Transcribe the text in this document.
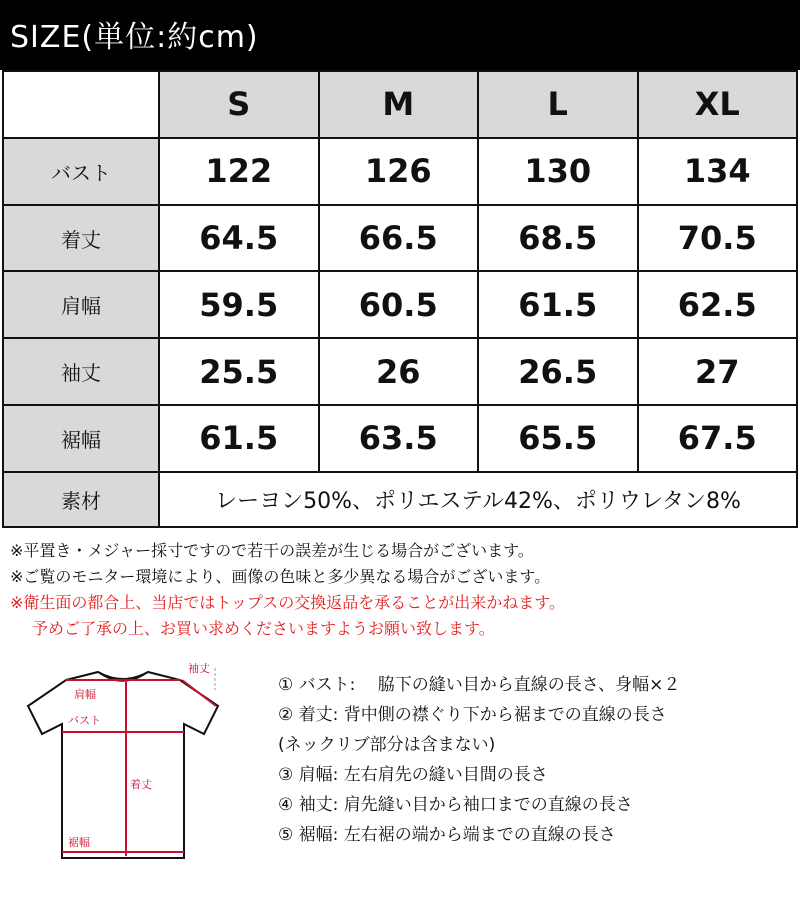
SIZE(単位:約cm)
	S	M	L	XL
バスト	122	126	130	134
着丈	64.5	66.5	68.5	70.5
肩幅	59.5	60.5	61.5	62.5
袖丈	25.5	26	26.5	27
裾幅	61.5	63.5	65.5	67.5
素材	レーヨン50%、ポリエステル42%、ポリウレタン8%			
※平置き・メジャー採寸ですので若干の誤差が生じる場合がございます。
※ご覧のモニター環境により、画像の色味と多少異なる場合がございます。
※衛生面の都合上、当店ではトップスの交換返品を承ることが出来かねます。
予めご了承の上、お買い求めくださいますようお願い致します。
袖丈
肩幅
バスト
着丈
裾幅
① バスト:　 脇下の縫い目から直線の長さ、身幅×２
② 着丈: 背中側の襟ぐり下から裾までの直線の長さ
(ネックリブ部分は含まない)
③ 肩幅: 左右肩先の縫い目間の長さ
④ 袖丈: 肩先縫い目から袖口までの直線の長さ
⑤ 裾幅: 左右裾の端から端までの直線の長さ
